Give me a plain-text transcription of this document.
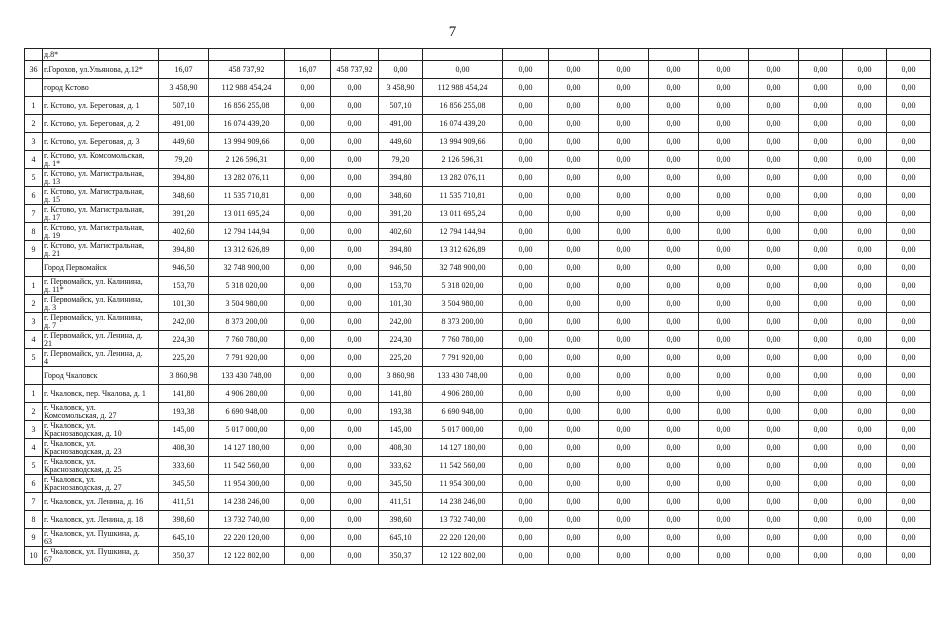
7

	д.8*																

36	г.Горохов, ул.Ульянова, д.12*	16,07	458 737,92	16,07	458 737,92	0,00	0,00	0,00	0,00	0,00	0,00	0,00	0,00	0,00	0,00	0,00	

	город Кстово	3 458,90	112 988 454,24	0,00	0,00	3 458,90	112 988 454,24	0,00	0,00	0,00	0,00	0,00	0,00	0,00	0,00	0,00	
1	г. Кстово, ул. Береговая, д. 1	507,10	16 856 255,08	0,00	0,00	507,10	16 856 255,08	0,00	0,00	0,00	0,00	0,00	0,00	0,00	0,00	0,00	
2	г. Кстово, ул. Береговая, д. 2	491,00	16 074 439,20	0,00	0,00	491,00	16 074 439,20	0,00	0,00	0,00	0,00	0,00	0,00	0,00	0,00	0,00	
3	г. Кстово, ул. Береговая, д. 3	449,60	13 994 909,66	0,00	0,00	449,60	13 994 909,66	0,00	0,00	0,00	0,00	0,00	0,00	0,00	0,00	0,00	
4	г. Кстово, ул. Комсомольская,
д. 1*	79,20	2 126 596,31	0,00	0,00	79,20	2 126 596,31	0,00	0,00	0,00	0,00	0,00	0,00	0,00	0,00	0,00	
5	г. Кстово, ул. Магистральная,
д. 13	394,80	13 282 076,11	0,00	0,00	394,80	13 282 076,11	0,00	0,00	0,00	0,00	0,00	0,00	0,00	0,00	0,00	
6	г. Кстово, ул. Магистральная,
д. 15	348,60	11 535 710,81	0,00	0,00	348,60	11 535 710,81	0,00	0,00	0,00	0,00	0,00	0,00	0,00	0,00	0,00	
7	г. Кстово, ул. Магистральная,
д. 17	391,20	13 011 695,24	0,00	0,00	391,20	13 011 695,24	0,00	0,00	0,00	0,00	0,00	0,00	0,00	0,00	0,00	
8	г. Кстово, ул. Магистральная,
д. 19	402,60	12 794 144,94	0,00	0,00	402,60	12 794 144,94	0,00	0,00	0,00	0,00	0,00	0,00	0,00	0,00	0,00	
9	г. Кстово, ул. Магистральная,
д. 21	394,80	13 312 626,89	0,00	0,00	394,80	13 312 626,89	0,00	0,00	0,00	0,00	0,00	0,00	0,00	0,00	0,00	

	Город Первомайск	946,50	32 748 900,00	0,00	0,00	946,50	32 748 900,00	0,00	0,00	0,00	0,00	0,00	0,00	0,00	0,00	0,00	
1	г. Первомайск, ул. Калинина,
д. 11*	153,70	5 318 020,00	0,00	0,00	153,70	5 318 020,00	0,00	0,00	0,00	0,00	0,00	0,00	0,00	0,00	0,00	
2	г. Первомайск, ул. Калинина,
д. 3	101,30	3 504 980,00	0,00	0,00	101,30	3 504 980,00	0,00	0,00	0,00	0,00	0,00	0,00	0,00	0,00	0,00	
3	г. Первомайск, ул. Калинина,
д. 7	242,00	8 373 200,00	0,00	0,00	242,00	8 373 200,00	0,00	0,00	0,00	0,00	0,00	0,00	0,00	0,00	0,00	
4	г. Первомайск, ул. Ленина, д.
21	224,30	7 760 780,00	0,00	0,00	224,30	7 760 780,00	0,00	0,00	0,00	0,00	0,00	0,00	0,00	0,00	0,00	
5	г. Первомайск, ул. Ленина, д.
4	225,20	7 791 920,00	0,00	0,00	225,20	7 791 920,00	0,00	0,00	0,00	0,00	0,00	0,00	0,00	0,00	0,00	

	Город Чкаловск	3 860,98	133 430 748,00	0,00	0,00	3 860,98	133 430 748,00	0,00	0,00	0,00	0,00	0,00	0,00	0,00	0,00	0,00	
1	г. Чкаловск, пер. Чкалова, д. 1	141,80	4 906 280,00	0,00	0,00	141,80	4 906 280,00	0,00	0,00	0,00	0,00	0,00	0,00	0,00	0,00	0,00	
2	г. Чкаловск, ул.
Комсомольская, д. 27	193,38	6 690 948,00	0,00	0,00	193,38	6 690 948,00	0,00	0,00	0,00	0,00	0,00	0,00	0,00	0,00	0,00	
3	г. Чкаловск, ул.
Краснозаводская, д. 10	145,00	5 017 000,00	0,00	0,00	145,00	5 017 000,00	0,00	0,00	0,00	0,00	0,00	0,00	0,00	0,00	0,00	
4	г. Чкаловск, ул.
Краснозаводская, д. 23	408,30	14 127 180,00	0,00	0,00	408,30	14 127 180,00	0,00	0,00	0,00	0,00	0,00	0,00	0,00	0,00	0,00	
5	г. Чкаловск, ул.
Краснозаводская, д. 25	333,60	11 542 560,00	0,00	0,00	333,62	11 542 560,00	0,00	0,00	0,00	0,00	0,00	0,00	0,00	0,00	0,00	
6	г. Чкаловск, ул.
Краснозаводская, д. 27	345,50	11 954 300,00	0,00	0,00	345,50	11 954 300,00	0,00	0,00	0,00	0,00	0,00	0,00	0,00	0,00	0,00	
7	г. Чкаловск, ул. Ленина, д. 16	411,51	14 238 246,00	0,00	0,00	411,51	14 238 246,00	0,00	0,00	0,00	0,00	0,00	0,00	0,00	0,00	0,00	
8	г. Чкаловск, ул. Ленина, д. 18	398,60	13 732 740,00	0,00	0,00	398,60	13 732 740,00	0,00	0,00	0,00	0,00	0,00	0,00	0,00	0,00	0,00	
9	г. Чкаловск, ул. Пушкина, д.
63	645,10	22 220 120,00	0,00	0,00	645,10	22 220 120,00	0,00	0,00	0,00	0,00	0,00	0,00	0,00	0,00	0,00	
10	г. Чкаловск, ул. Пушкина, д.
67	350,37	12 122 802,00	0,00	0,00	350,37	12 122 802,00	0,00	0,00	0,00	0,00	0,00	0,00	0,00	0,00	0,00	
